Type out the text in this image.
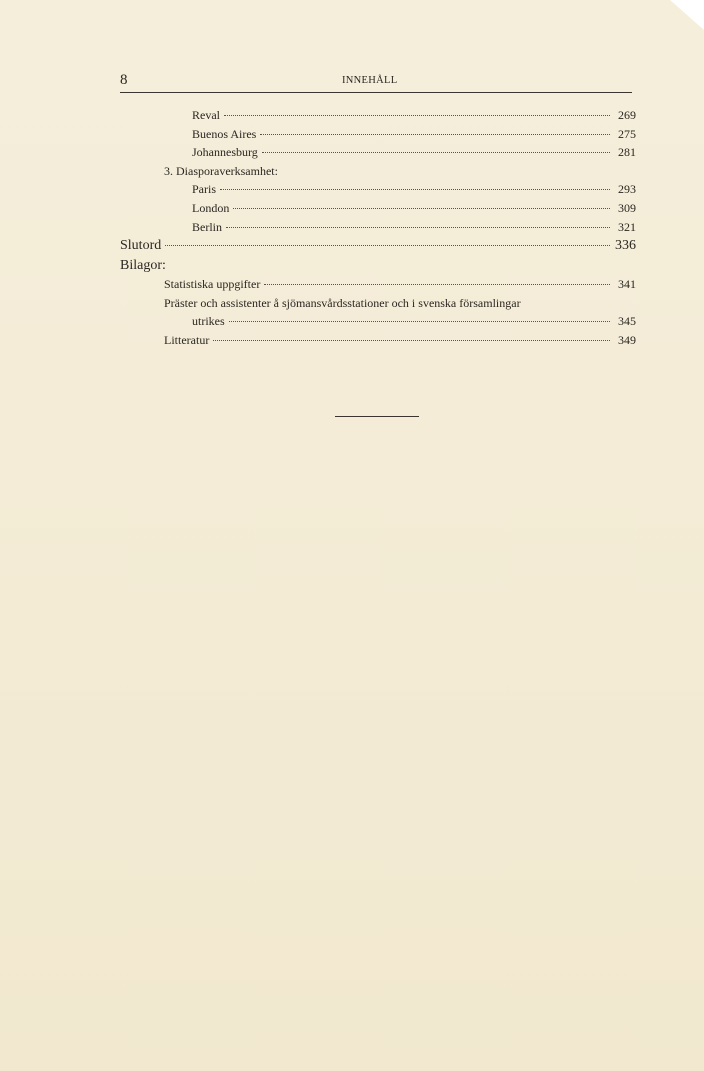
8	INNEHÅLL
Reval	269
Buenos Aires	275
Johannesburg	281
3. Diasporaverksamhet:
Paris	293
London	309
Berlin	321
Slutord	336
Bilagor:
Statistiska uppgifter	341
Präster och assistenter å sjömansvårdsstationer och i svenska församlingar
utrikes	345
Litteratur	349
